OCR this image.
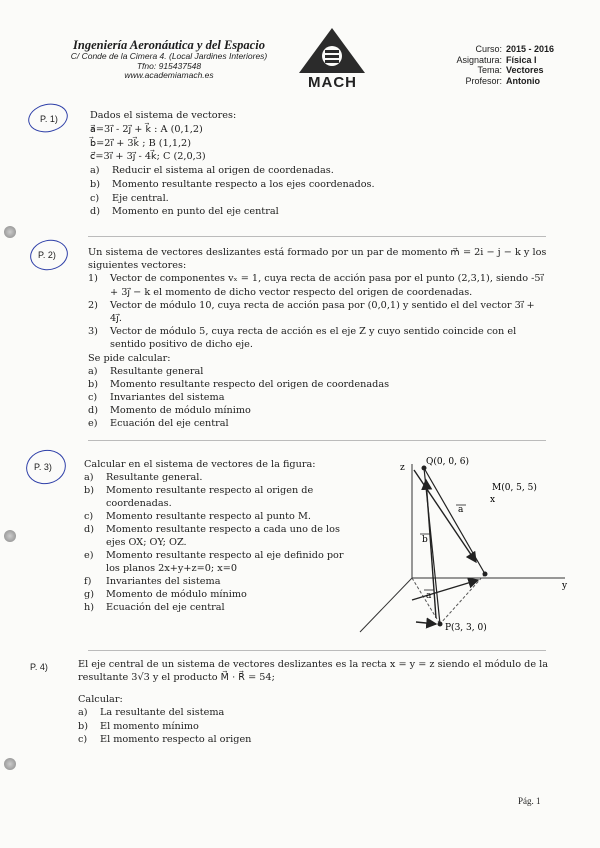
Ingeniería Aeronáutica y del Espacio
C/ Conde de la Cimera 4. (Local Jardines Interiores)
Tfno: 915437548
www.academiamach.es	MACH
Curso: 2015 - 2016
Asignatura: Física I
Tema: Vectores
Profesor: Antonio
P. 1)	Dados el sistema de vectores:
a⃗=3i⃗ - 2j⃗ + k⃗ : A (0,1,2)
b⃗=2i⃗ + 3k⃗ ; B (1,1,2)
c⃗=3i⃗ + 3j⃗ - 4k⃗; C (2,0,3)
a)	Reducir el sistema al origen de coordenadas.
b)	Momento resultante respecto a los ejes coordenados.
c)	Eje central.
d)	Momento en punto del eje central
P. 2)	Un sistema de vectores deslizantes está formado por un par de momento m⃗ = 2i − j − k y los siguientes vectores:
1)	Vector de componentes vₓ = 1, cuya recta de acción pasa por el punto (2,3,1), siendo -5i⃗ + 3j⃗ − k el momento de dicho vector respecto del origen de coordenadas.
2)	Vector de módulo 10, cuya recta de acción pasa por (0,0,1) y sentido el del vector 3i⃗ + 4j⃗.
3)	Vector de módulo 5, cuya recta de acción es el eje Z y cuyo sentido coincide con el sentido positivo de dicho eje.
Se pide calcular:
a)	Resultante general
b)	Momento resultante respecto del origen de coordenadas
c)	Invariantes del sistema
d)	Momento de módulo mínimo
e)	Ecuación del eje central
P. 3)	Calcular en el sistema de vectores de la figura:
a)	Resultante general.
b)	Momento resultante respecto al origen de coordenadas.
c)	Momento resultante respecto al punto M.
d)	Momento resultante respecto a cada uno de los ejes OX; OY; OZ.
e)	Momento resultante respecto al eje definido por los planos 2x+y+z=0; x=0
f)	Invariantes del sistema
g)	Momento de módulo mínimo
h)	Ecuación del eje central
z
y
Q(0, 0, 6)
M(0, 5, 5)
x
a
b
a
P(3, 3, 0)
P. 4)	El eje central de un sistema de vectores deslizantes es la recta x = y = z siendo el módulo de la resultante 3√3 y el producto M⃗ · R⃗ = 54;
Calcular:
a)	La resultante del sistema
b)	El momento mínimo
c)	El momento respecto al origen
Pág. 1
